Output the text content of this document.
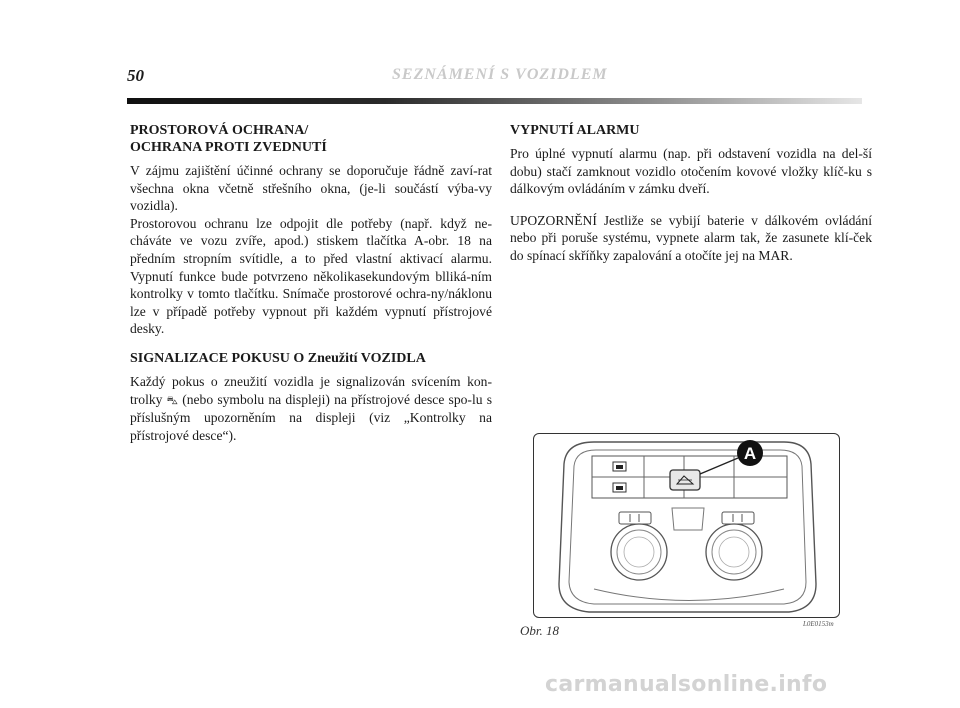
50	SEZNÁMENÍ S VOZIDLEM
PROSTOROVÁ OCHRANA/
OCHRANA PROTI ZVEDNUTÍ

V zájmu zajištění účinné ochrany se doporučuje řádně zaví-rat všechna okna včetně střešního okna, (je-li součástí výba-vy vozidla).

Prostorovou ochranu lze odpojit dle potřeby (např. když ne-cháváte ve vozu zvíře, apod.) stiskem tlačítka A-obr. 18 na předním stropním svítidle, a to před vlastní aktivací alarmu. Vypnutí funkce bude potvrzeno několikasekundovým blliká-ním kontrolky v tomto tlačítku. Snímače prostorové ochra-ny/náklonu lze v případě potřeby vypnout při každém vypnutí přístrojové desky.

SIGNALIZACE POKUSU O Zneužití VOZIDLA

Každý pokus o zneužití vozidla je signalizován svícením kon-trolky ⛍ (nebo symbolu na displeji) na přístrojové desce spo-lu s příslušným upozorněním na displeji (viz „Kontrolky na přístrojové desce“).

VYPNUTÍ ALARMU

Pro úplné vypnutí alarmu (nap. při odstavení vozidla na del-ší dobu) stačí zamknout vozidlo otočením kovové vložky klíč-ku s dálkovým ovládáním v zámku dveří.

UPOZORNĚNÍ Jestliže se vybijí baterie v dálkovém ovládání nebo při poruše systému, vypnete alarm tak, že zasunete klí-ček do spínací skříňky zapalování a otočíte jej na MAR.

A
Obr. 18	L0E0153m
carmanualsonline.info
